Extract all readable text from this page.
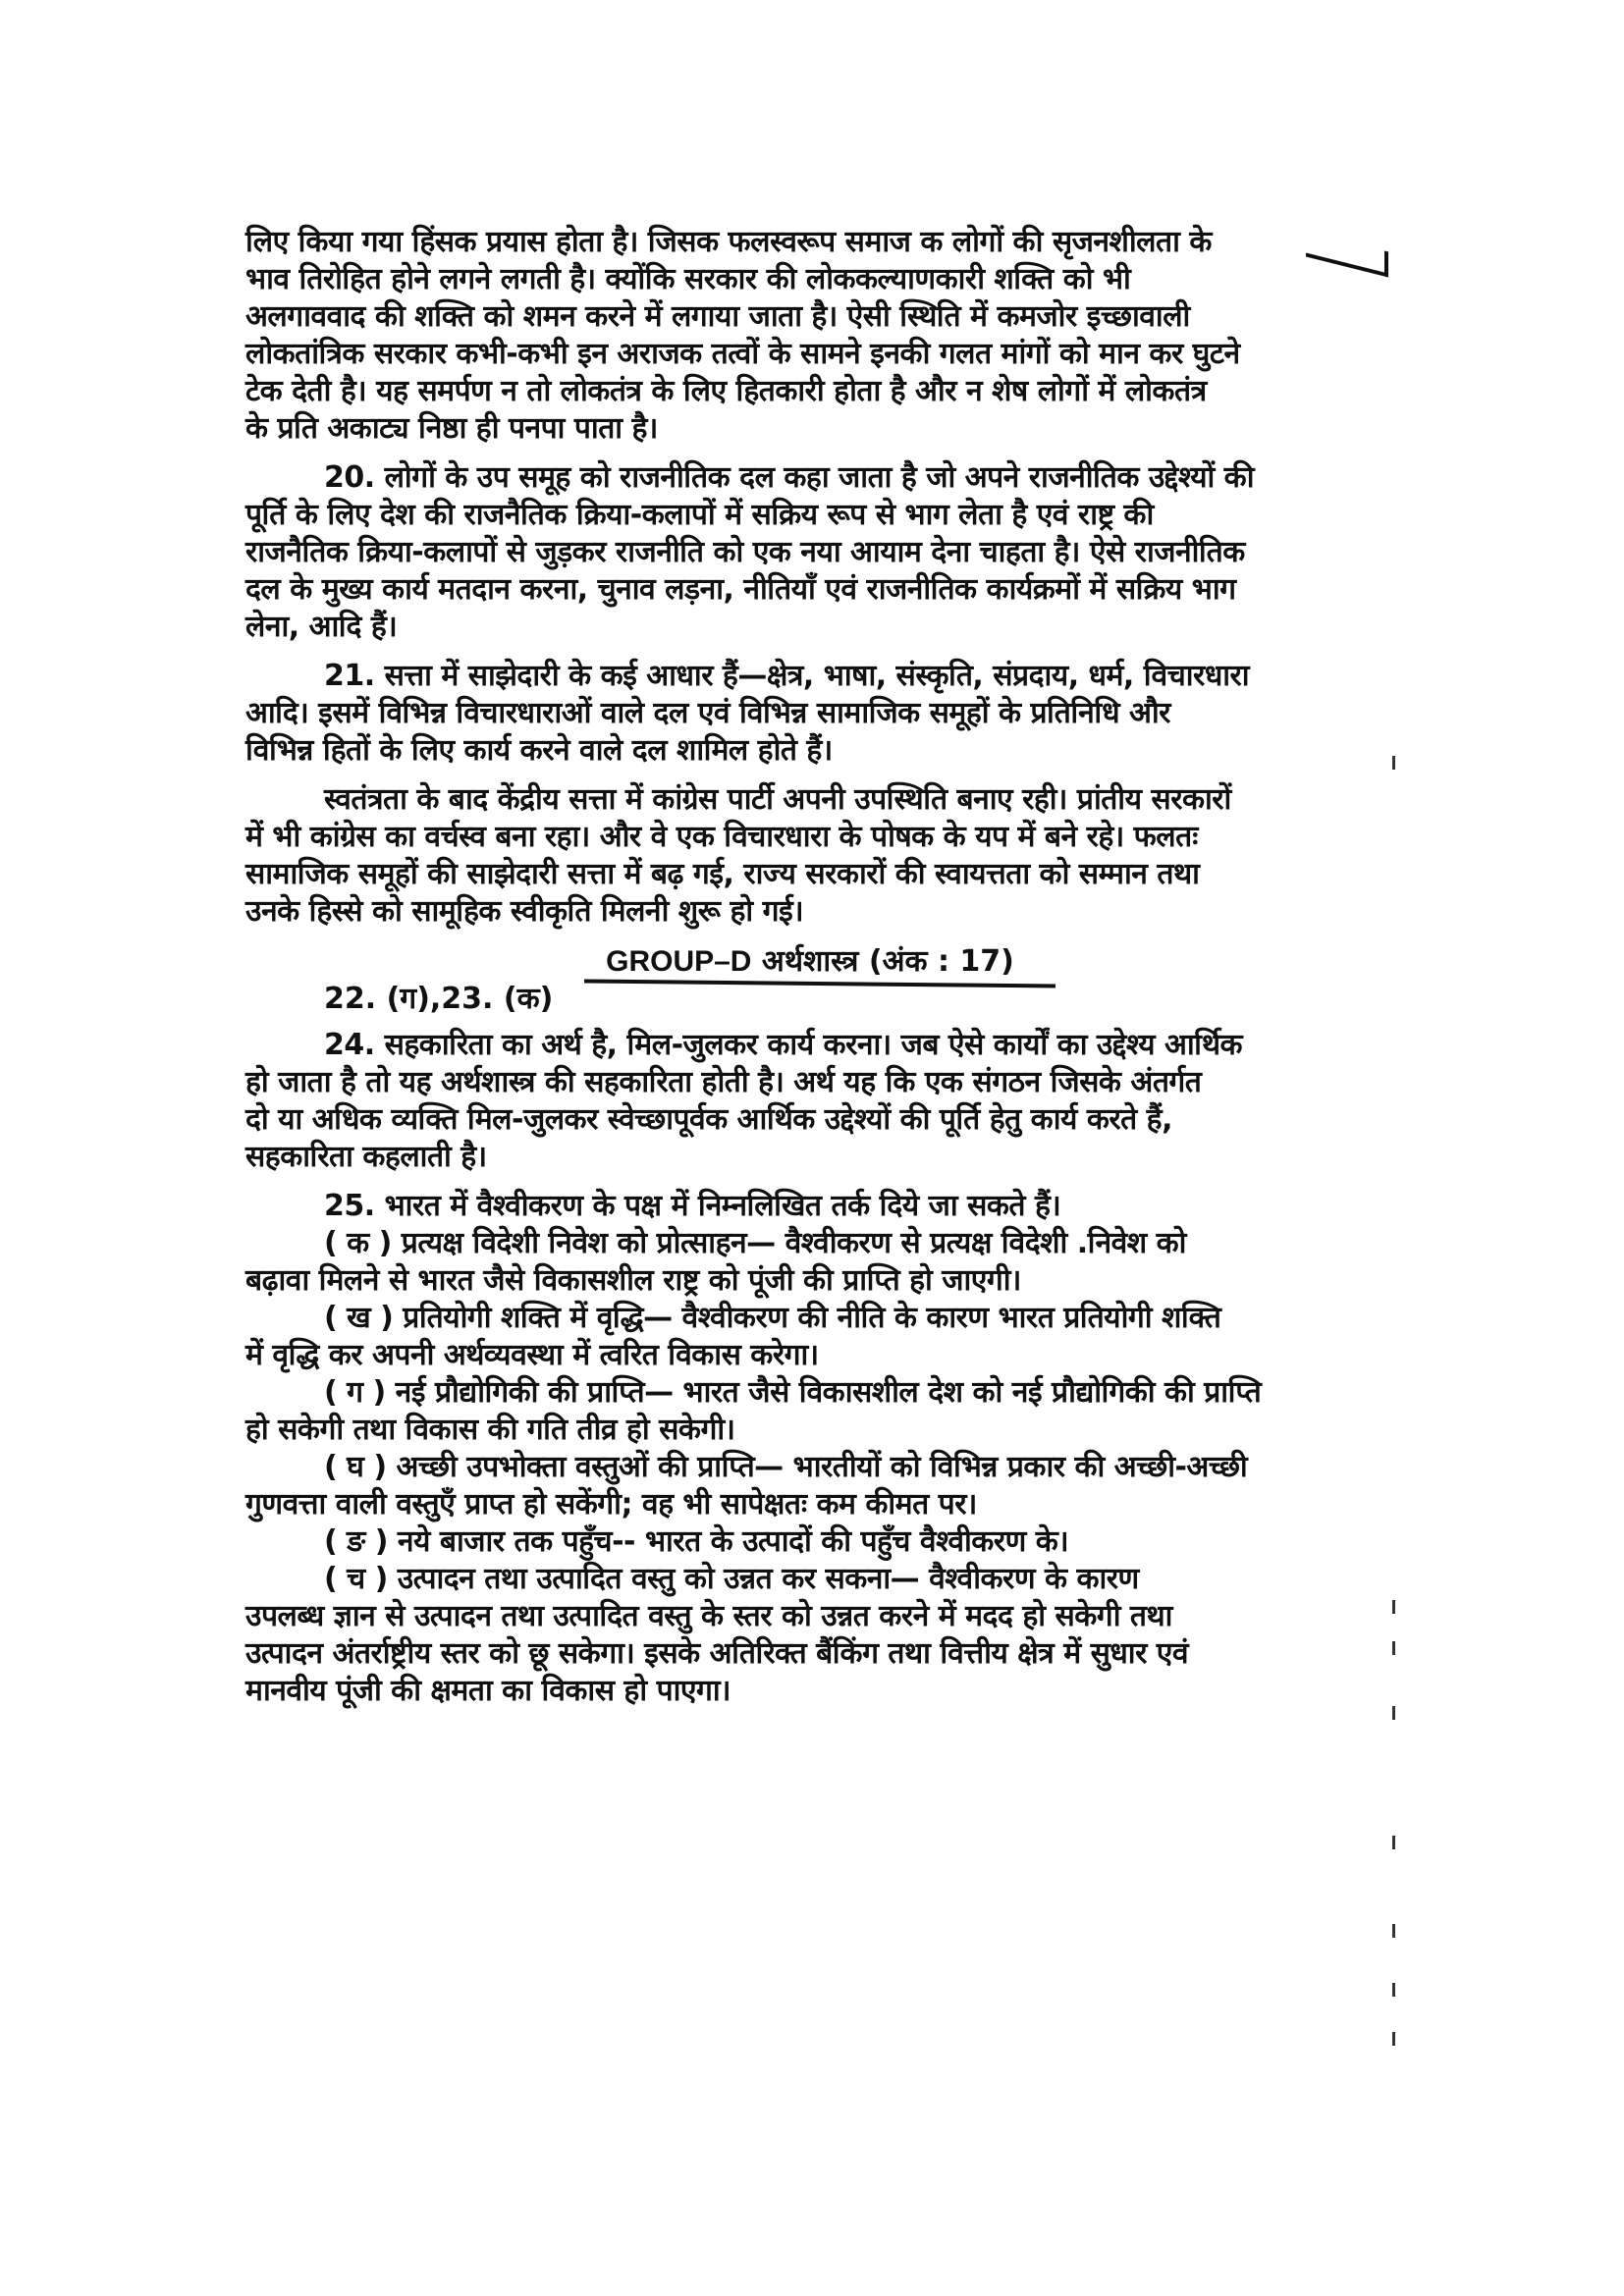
लिए किया गया हिंसक प्रयास होता है। जिसक फलस्वरूप समाज क लोगों की सृजनशीलता के
भाव तिरोहित होने लगने लगती है। क्योंकि सरकार की लोककल्याणकारी शक्ति को भी
अलगाववाद की शक्ति को शमन करने में लगाया जाता है। ऐसी स्थिति में कमजोर इच्छावाली
लोकतांत्रिक सरकार कभी-कभी इन अराजक तत्वों के सामने इनकी गलत मांगों को मान कर घुटने
टेक देती है। यह समर्पण न तो लोकतंत्र के लिए हितकारी होता है और न शेष लोगों में लोकतंत्र
के प्रति अकाट्य निष्ठा ही पनपा पाता है।
20. लोगों के उप समूह को राजनीतिक दल कहा जाता है जो अपने राजनीतिक उद्देश्यों की
पूर्ति के लिए देश की राजनैतिक क्रिया-कलापों में सक्रिय रूप से भाग लेता है एवं राष्ट्र की
राजनैतिक क्रिया-कलापों से जुड़कर राजनीति को एक नया आयाम देना चाहता है। ऐसे राजनीतिक
दल के मुख्य कार्य मतदान करना, चुनाव लड़ना, नीतियाँ एवं राजनीतिक कार्यक्रमों में सक्रिय भाग
लेना, आदि हैं।
21. सत्ता में साझेदारी के कई आधार हैं—क्षेत्र, भाषा, संस्कृति, संप्रदाय, धर्म, विचारधारा
आदि। इसमें विभिन्न विचारधाराओं वाले दल एवं विभिन्न सामाजिक समूहों के प्रतिनिधि और
विभिन्न हितों के लिए कार्य करने वाले दल शामिल होते हैं।
स्वतंत्रता के बाद केंद्रीय सत्ता में कांग्रेस पार्टी अपनी उपस्थिति बनाए रही। प्रांतीय सरकारों
में भी कांग्रेस का वर्चस्व बना रहा। और वे एक विचारधारा के पोषक के यप में बने रहे। फलतः
सामाजिक समूहों की साझेदारी सत्ता में बढ़ गई, राज्य सरकारों की स्वायत्तता को सम्मान तथा
उनके हिस्से को सामूहिक स्वीकृति मिलनी शुरू हो गई।
GROUP–D अर्थशास्त्र (अंक : 17)
22. (ग),23. (क)
24. सहकारिता का अर्थ है, मिल-जुलकर कार्य करना। जब ऐसे कार्यों का उद्देश्य आर्थिक
हो जाता है तो यह अर्थशास्त्र की सहकारिता होती है। अर्थ यह कि एक संगठन जिसके अंतर्गत
दो या अधिक व्यक्ति मिल-जुलकर स्वेच्छापूर्वक आर्थिक उद्देश्यों की पूर्ति हेतु कार्य करते हैं,
सहकारिता कहलाती है।
25. भारत में वैश्वीकरण के पक्ष में निम्नलिखित तर्क दिये जा सकते हैं।
( क ) प्रत्यक्ष विदेशी निवेश को प्रोत्साहन— वैश्वीकरण से प्रत्यक्ष विदेशी .निवेश को
बढ़ावा मिलने से भारत जैसे विकासशील राष्ट्र को पूंजी की प्राप्ति हो जाएगी।
( ख ) प्रतियोगी शक्ति में वृद्धि— वैश्वीकरण की नीति के कारण भारत प्रतियोगी शक्ति
में वृद्धि कर अपनी अर्थव्यवस्था में त्वरित विकास करेगा।
( ग ) नई प्रौद्योगिकी की प्राप्ति— भारत जैसे विकासशील देश को नई प्रौद्योगिकी की प्राप्ति
हो सकेगी तथा विकास की गति तीव्र हो सकेगी।
( घ ) अच्छी उपभोक्ता वस्तुओं की प्राप्ति— भारतीयों को विभिन्न प्रकार की अच्छी-अच्छी
गुणवत्ता वाली वस्तुएँ प्राप्त हो सकेंगी; वह भी सापेक्षतः कम कीमत पर।
( ङ ) नये बाजार तक पहुँच-- भारत के उत्पादों की पहुँच वैश्वीकरण के।
( च ) उत्पादन तथा उत्पादित वस्तु को उन्नत कर सकना— वैश्वीकरण के कारण
उपलब्ध ज्ञान से उत्पादन तथा उत्पादित वस्तु के स्तर को उन्नत करने में मदद हो सकेगी तथा
उत्पादन अंतर्राष्ट्रीय स्तर को छू सकेगा। इसके अतिरिक्त बैंकिंग तथा वित्तीय क्षेत्र में सुधार एवं
मानवीय पूंजी की क्षमता का विकास हो पाएगा।
